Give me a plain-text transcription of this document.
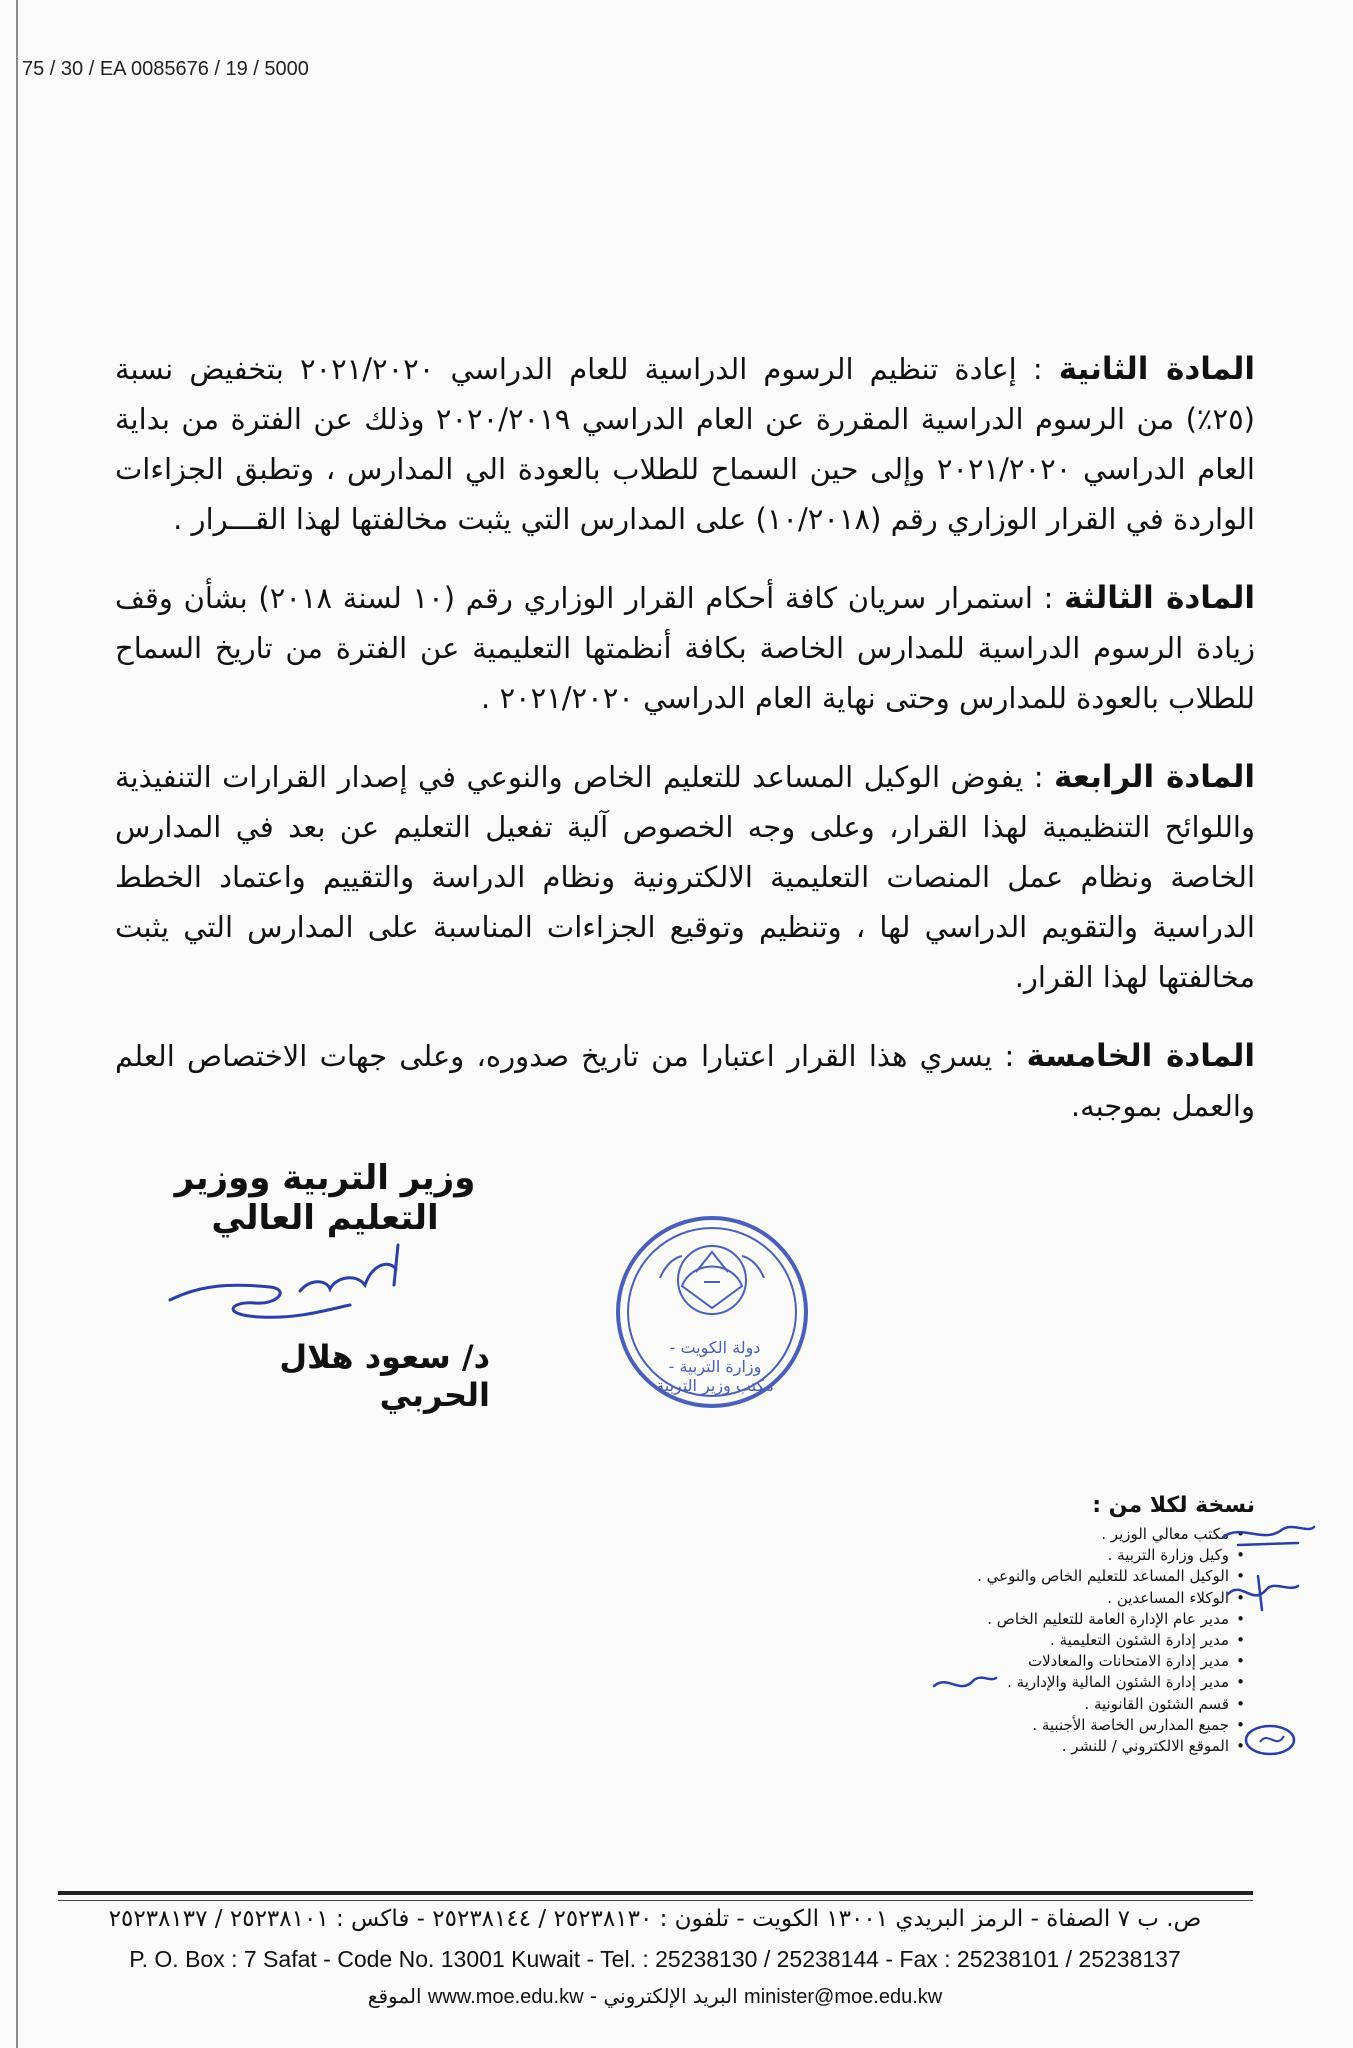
75 / 30 / EA 0085676 / 19 / 5000

المادة الثانية : إعادة تنظيم الرسوم الدراسية للعام الدراسي ٢٠٢١/٢٠٢٠ بتخفيض نسبة (٢٥٪) من الرسوم الدراسية المقررة عن العام الدراسي ٢٠٢٠/٢٠١٩ وذلك عن الفترة من بداية العام الدراسي ٢٠٢١/٢٠٢٠ وإلى حين السماح للطلاب بالعودة الي المدارس ، وتطبق الجزاءات الواردة في القرار الوزاري رقم (١٠/٢٠١٨) على المدارس التي يثبت مخالفتها لهذا القـــرار .

المادة الثالثة : استمرار سريان كافة أحكام القرار الوزاري رقم (١٠ لسنة ٢٠١٨) بشأن وقف زيادة الرسوم الدراسية للمدارس الخاصة بكافة أنظمتها التعليمية عن الفترة من تاريخ السماح للطلاب بالعودة للمدارس وحتى نهاية العام الدراسي ٢٠٢١/٢٠٢٠ .

المادة الرابعة : يفوض الوكيل المساعد للتعليم الخاص والنوعي في إصدار القرارات التنفيذية واللوائح التنظيمية لهذا القرار، وعلى وجه الخصوص آلية تفعيل التعليم عن بعد في المدارس الخاصة ونظام عمل المنصات التعليمية الالكترونية ونظام الدراسة والتقييم واعتماد الخطط الدراسية والتقويم الدراسي لها ، وتنظيم وتوقيع الجزاءات المناسبة على المدارس التي يثبت مخالفتها لهذا القرار.

المادة الخامسة : يسري هذا القرار اعتبارا من تاريخ صدوره، وعلى جهات الاختصاص العلم والعمل بموجبه.

وزير التربية ووزير التعليم العالي
د/ سعود هلال الحربي
دولة الكويت - وزارة التربية - مكتب وزير التربية
نسخة لكلا من :
• مكتب معالي الوزير .
• وكيل وزارة التربية .
• الوكيل المساعد للتعليم الخاص والنوعي .
• الوكلاء المساعدين .
• مدير عام الإدارة العامة للتعليم الخاص .
• مدير إدارة الشئون التعليمية .
• مدير إدارة الامتحانات والمعادلات
• مدير إدارة الشئون المالية والإدارية .
• قسم الشئون القانونية .
• جميع المدارس الخاصة الأجنبية .
• الموقع الالكتروني / للنشر .
ص. ب ٧ الصفاة - الرمز البريدي ١٣٠٠١ الكويت - تلفون : ٢٥٢٣٨١٣٠ / ٢٥٢٣٨١٤٤ - فاكس : ٢٥٢٣٨١٠١ / ٢٥٢٣٨١٣٧
P. O. Box : 7 Safat - Code No. 13001 Kuwait - Tel. : 25238130 / 25238144 - Fax : 25238101 / 25238137
الموقع www.moe.edu.kw - البريد الإلكتروني minister@moe.edu.kw
